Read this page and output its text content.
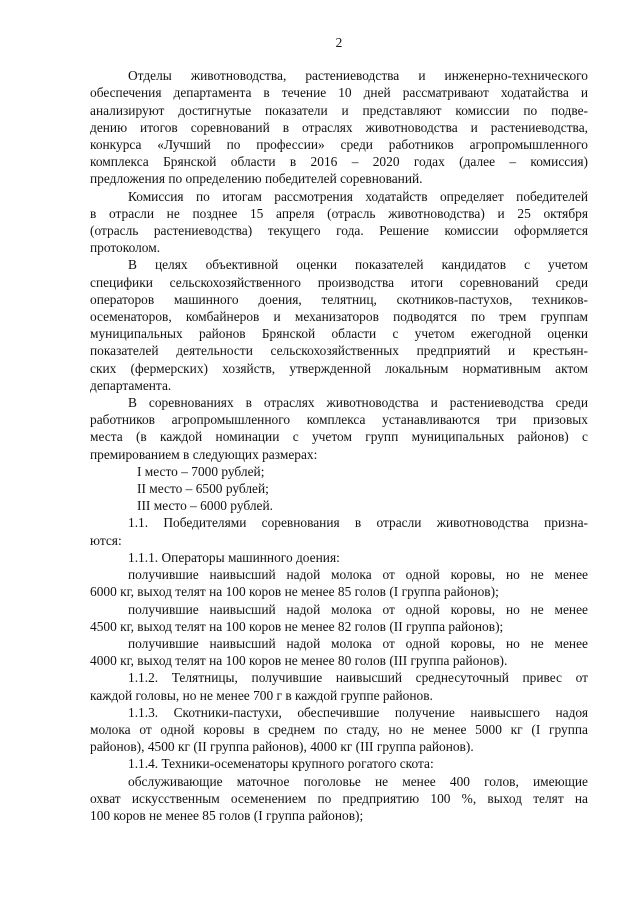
2
Отделы животноводства, растениеводства и инженерно-технического
обеспечения департамента в течение 10 дней рассматривают ходатайства и
анализируют достигнутые показатели и представляют комиссии по подве-
дению итогов соревнований в отраслях животноводства и растениеводства,
конкурса «Лучший по профессии» среди работников агропромышленного
комплекса Брянской области в 2016 – 2020 годах (далее – комиссия)
предложения по определению победителей соревнований.
Комиссия по итогам рассмотрения ходатайств определяет победителей
в отрасли не позднее 15 апреля (отрасль животноводства) и 25 октября
(отрасль растениеводства) текущего года. Решение комиссии оформляется
протоколом.
В целях объективной оценки показателей кандидатов с учетом
специфики сельскохозяйственного производства итоги соревнований среди
операторов машинного доения, телятниц, скотников-пастухов, техников-
осеменаторов, комбайнеров и механизаторов подводятся по трем группам
муниципальных районов Брянской области с учетом ежегодной оценки
показателей деятельности сельскохозяйственных предприятий и крестьян-
ских (фермерских) хозяйств, утвержденной локальным нормативным актом
департамента.
В соревнованиях в отраслях животноводства и растениеводства среди
работников агропромышленного комплекса устанавливаются три призовых
места (в каждой номинации с учетом групп муниципальных районов) с
премированием в следующих размерах:
I место – 7000 рублей;
II место – 6500 рублей;
III место – 6000 рублей.
1.1. Победителями соревнования в отрасли животноводства призна-
ются:
1.1.1. Операторы машинного доения:
получившие наивысший надой молока от одной коровы, но не менее
6000 кг, выход телят на 100 коров не менее 85 голов (I группа районов);
получившие наивысший надой молока от одной коровы, но не менее
4500 кг, выход телят на 100 коров не менее 82 голов (II группа районов);
получившие наивысший надой молока от одной коровы, но не менее
4000 кг, выход телят на 100 коров не менее 80 голов (III группа районов).
1.1.2. Телятницы, получившие наивысший среднесуточный привес от
каждой головы, но не менее 700 г в каждой группе районов.
1.1.3. Скотники-пастухи, обеспечившие получение наивысшего надоя
молока от одной коровы в среднем по стаду, но не менее 5000 кг (I группа
районов), 4500 кг (II группа районов), 4000 кг (III группа районов).
1.1.4. Техники-осеменаторы крупного рогатого скота:
обслуживающие маточное поголовье не менее 400 голов, имеющие
охват искусственным осеменением по предприятию 100 %, выход телят на
100 коров не менее 85 голов (I группа районов);
